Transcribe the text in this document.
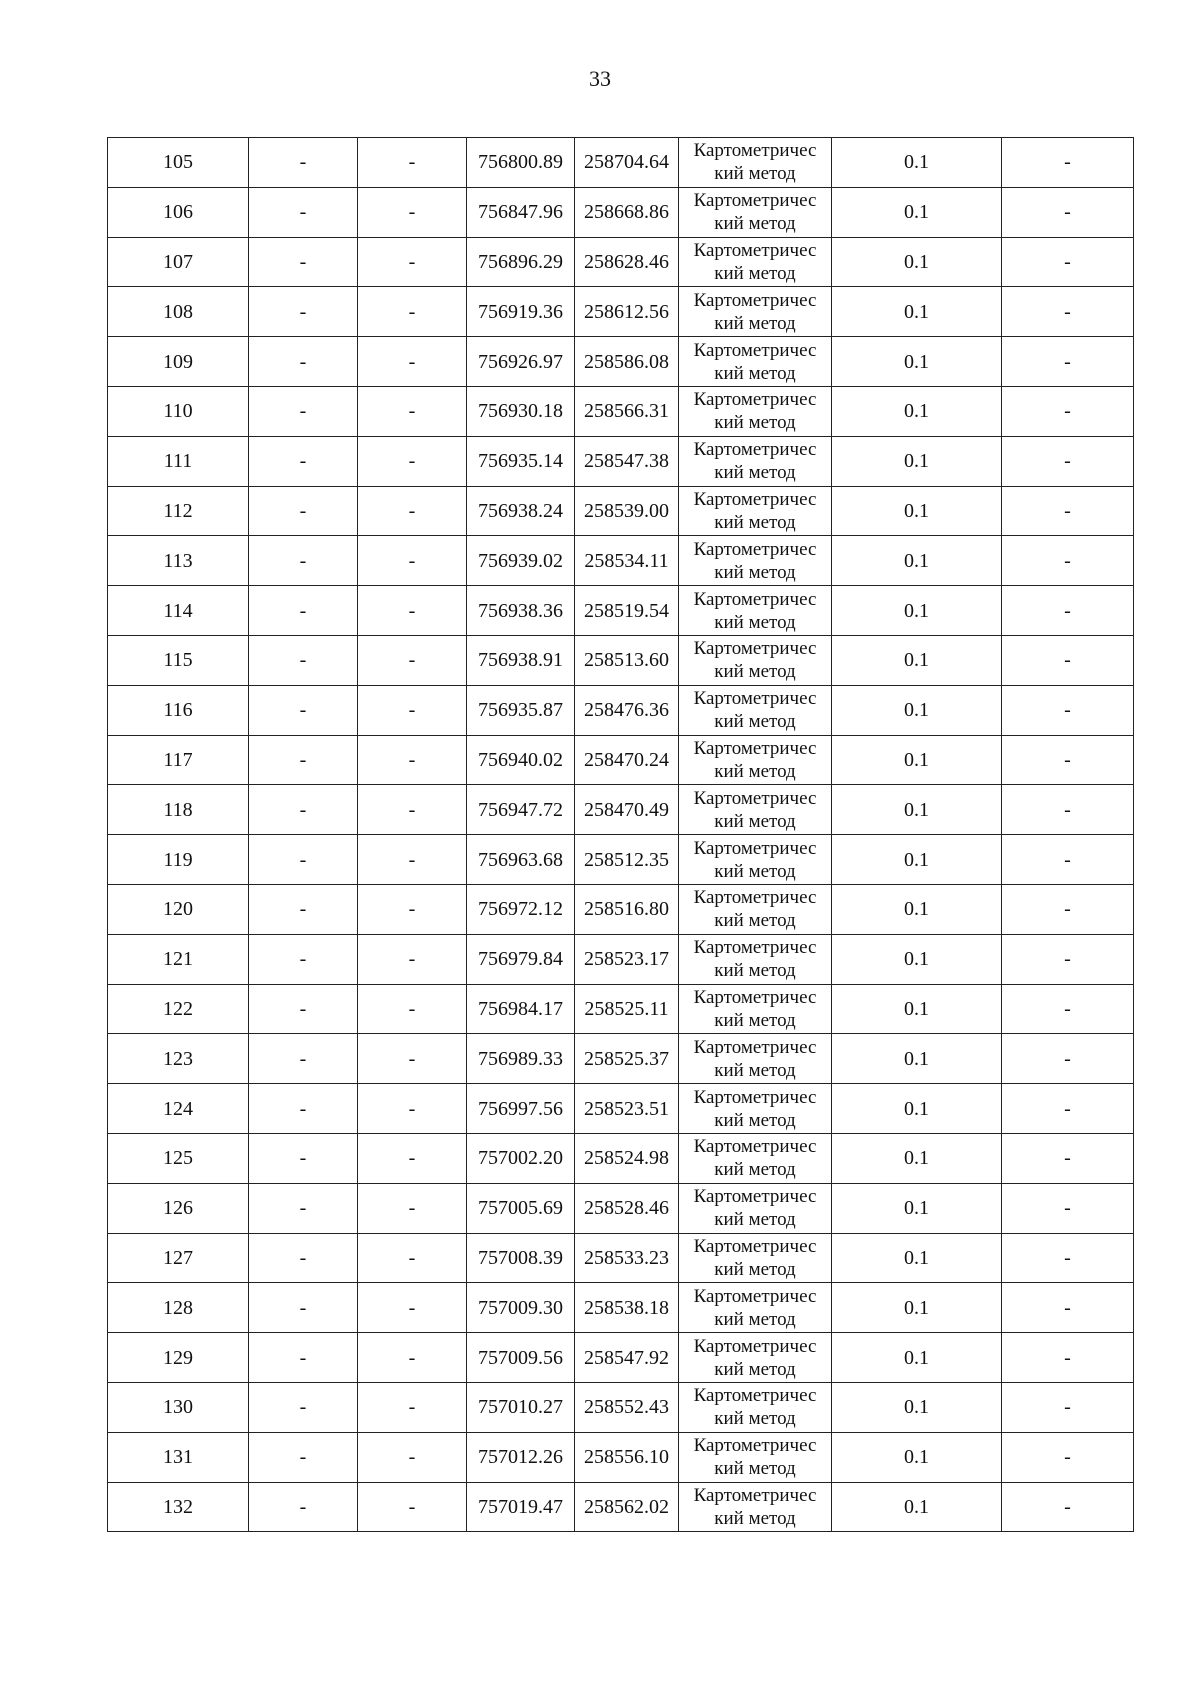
33
105	-	-	756800.89	258704.64	Картометричес
кий метод	0.1	-
106	-	-	756847.96	258668.86	Картометричес
кий метод	0.1	-
107	-	-	756896.29	258628.46	Картометричес
кий метод	0.1	-
108	-	-	756919.36	258612.56	Картометричес
кий метод	0.1	-
109	-	-	756926.97	258586.08	Картометричес
кий метод	0.1	-
110	-	-	756930.18	258566.31	Картометричес
кий метод	0.1	-
111	-	-	756935.14	258547.38	Картометричес
кий метод	0.1	-
112	-	-	756938.24	258539.00	Картометричес
кий метод	0.1	-
113	-	-	756939.02	258534.11	Картометричес
кий метод	0.1	-
114	-	-	756938.36	258519.54	Картометричес
кий метод	0.1	-
115	-	-	756938.91	258513.60	Картометричес
кий метод	0.1	-
116	-	-	756935.87	258476.36	Картометричес
кий метод	0.1	-
117	-	-	756940.02	258470.24	Картометричес
кий метод	0.1	-
118	-	-	756947.72	258470.49	Картометричес
кий метод	0.1	-
119	-	-	756963.68	258512.35	Картометричес
кий метод	0.1	-
120	-	-	756972.12	258516.80	Картометричес
кий метод	0.1	-
121	-	-	756979.84	258523.17	Картометричес
кий метод	0.1	-
122	-	-	756984.17	258525.11	Картометричес
кий метод	0.1	-
123	-	-	756989.33	258525.37	Картометричес
кий метод	0.1	-
124	-	-	756997.56	258523.51	Картометричес
кий метод	0.1	-
125	-	-	757002.20	258524.98	Картометричес
кий метод	0.1	-
126	-	-	757005.69	258528.46	Картометричес
кий метод	0.1	-
127	-	-	757008.39	258533.23	Картометричес
кий метод	0.1	-
128	-	-	757009.30	258538.18	Картометричес
кий метод	0.1	-
129	-	-	757009.56	258547.92	Картометричес
кий метод	0.1	-
130	-	-	757010.27	258552.43	Картометричес
кий метод	0.1	-
131	-	-	757012.26	258556.10	Картометричес
кий метод	0.1	-
132	-	-	757019.47	258562.02	Картометричес
кий метод	0.1	-
